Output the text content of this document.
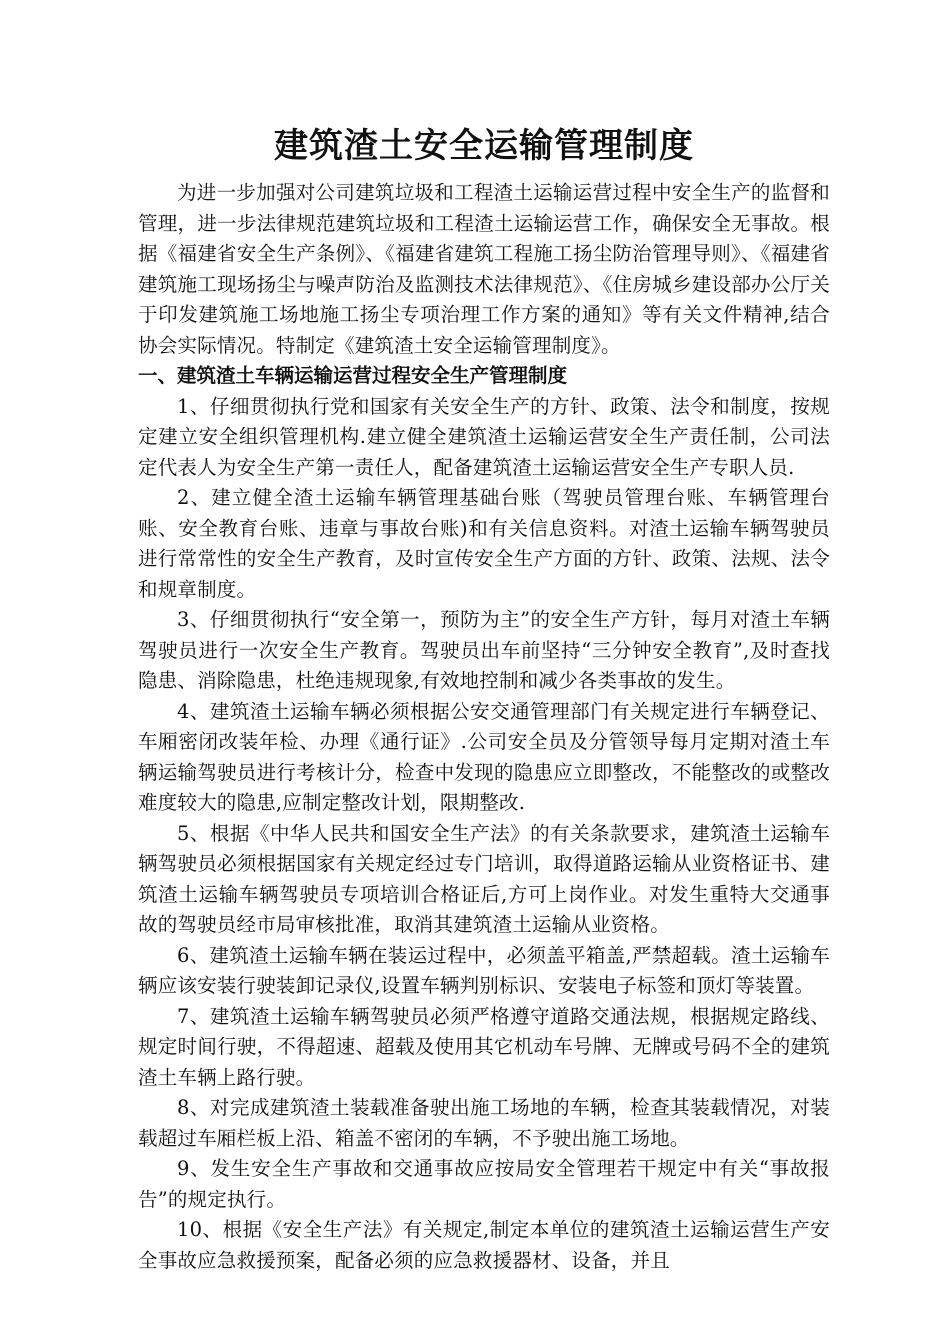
建筑渣土安全运输管理制度

为进一步加强对公司建筑垃圾和工程渣土运输运营过程中安全生产的监督和管理，进一步法律规范建筑垃圾和工程渣土运输运营工作，确保安全无事故。根据《福建省安全生产条例》、《福建省建筑工程施工扬尘防治管理导则》、《福建省建筑施工现场扬尘与噪声防治及监测技术法律规范》、《住房城乡建设部办公厅关于印发建筑施工场地施工扬尘专项治理工作方案的通知》等有关文件精神,结合协会实际情况。特制定《建筑渣土安全运输管理制度》。

一、建筑渣土车辆运输运营过程安全生产管理制度

1、仔细贯彻执行党和国家有关安全生产的方针、政策、法令和制度，按规定建立安全组织管理机构.建立健全建筑渣土运输运营安全生产责任制，公司法定代表人为安全生产第一责任人，配备建筑渣土运输运营安全生产专职人员.

2、建立健全渣土运输车辆管理基础台账（驾驶员管理台账、车辆管理台账、安全教育台账、违章与事故台账)和有关信息资料。对渣土运输车辆驾驶员进行常常性的安全生产教育，及时宣传安全生产方面的方针、政策、法规、法令和规章制度。

3、仔细贯彻执行“安全第一，预防为主”的安全生产方针，每月对渣土车辆驾驶员进行一次安全生产教育。驾驶员出车前坚持“三分钟安全教育”,及时查找隐患、消除隐患，杜绝违规现象,有效地控制和减少各类事故的发生。

4、建筑渣土运输车辆必须根据公安交通管理部门有关规定进行车辆登记、车厢密闭改装年检、办理《通行证》.公司安全员及分管领导每月定期对渣土车辆运输驾驶员进行考核计分，检查中发现的隐患应立即整改，不能整改的或整改难度较大的隐患,应制定整改计划，限期整改.

5、根据《中华人民共和国安全生产法》的有关条款要求，建筑渣土运输车辆驾驶员必须根据国家有关规定经过专门培训，取得道路运输从业资格证书、建筑渣土运输车辆驾驶员专项培训合格证后,方可上岗作业。对发生重特大交通事故的驾驶员经市局审核批准，取消其建筑渣土运输从业资格。

6、建筑渣土运输车辆在装运过程中，必须盖平箱盖,严禁超载。渣土运输车辆应该安装行驶装卸记录仪,设置车辆判别标识、安装电子标签和顶灯等装置。

7、建筑渣土运输车辆驾驶员必须严格遵守道路交通法规，根据规定路线、规定时间行驶，不得超速、超载及使用其它机动车号牌、无牌或号码不全的建筑渣土车辆上路行驶。

8、对完成建筑渣土装载准备驶出施工场地的车辆，检查其装载情况，对装载超过车厢栏板上沿、箱盖不密闭的车辆，不予驶出施工场地。

9、发生安全生产事故和交通事故应按局安全管理若干规定中有关“事故报告”的规定执行。

10、根据《安全生产法》有关规定,制定本单位的建筑渣土运输运营生产安全事故应急救援预案，配备必须的应急救援器材、设备，并且
